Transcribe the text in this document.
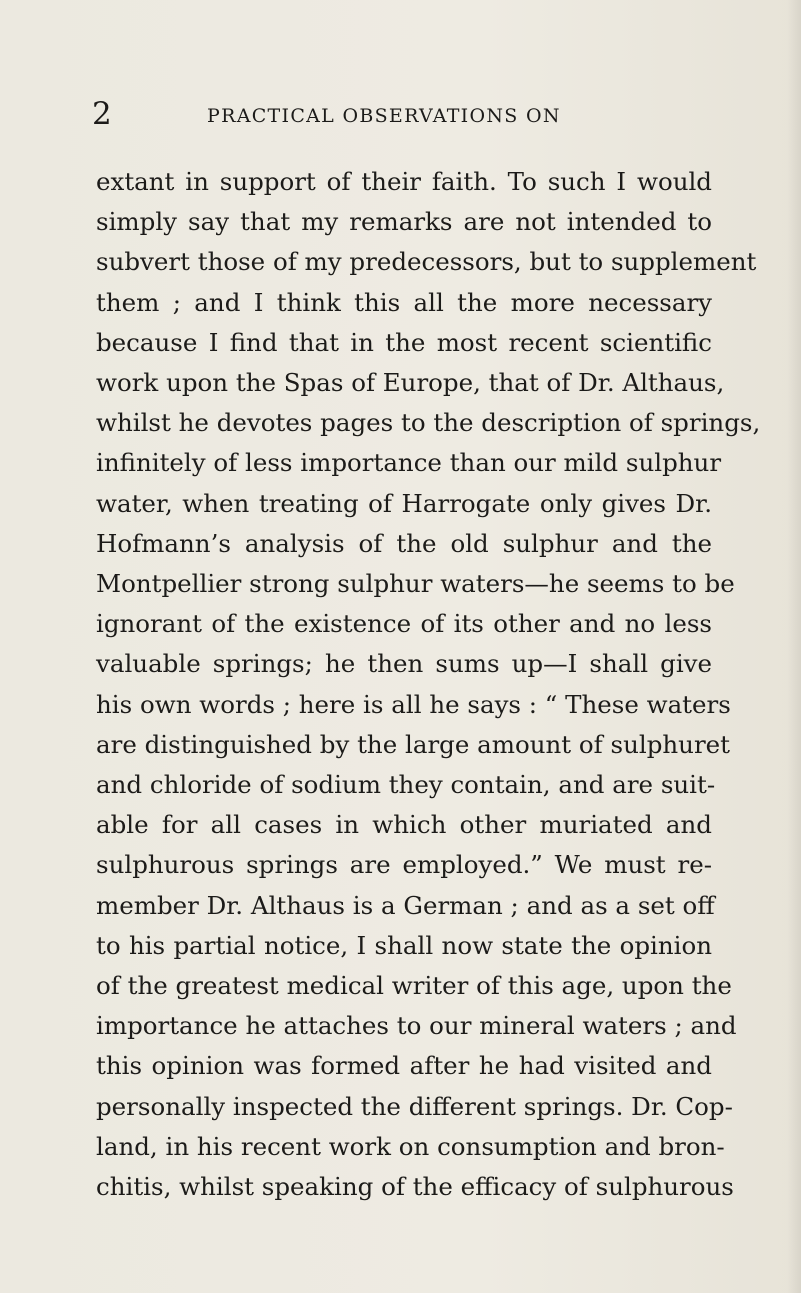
2	PRACTICAL OBSERVATIONS ON
extant in support of their faith. To such I would
simply say that my remarks are not intended to
subvert those of my predecessors, but to supplement
them ; and I think this all the more necessary
because I find that in the most recent scientific
work upon the Spas of Europe, that of Dr. Althaus,
whilst he devotes pages to the description of springs,
infinitely of less importance than our mild sulphur
water, when treating of Harrogate only gives Dr.
Hofmann’s analysis of the old sulphur and the
Montpellier strong sulphur waters—he seems to be
ignorant of the existence of its other and no less
valuable springs; he then sums up—I shall give
his own words ; here is all he says : “ These waters
are distinguished by the large amount of sulphuret
and chloride of sodium they contain, and are suit-
able for all cases in which other muriated and
sulphurous springs are employed.” We must re-
member Dr. Althaus is a German ; and as a set off
to his partial notice, I shall now state the opinion
of the greatest medical writer of this age, upon the
importance he attaches to our mineral waters ; and
this opinion was formed after he had visited and
personally inspected the different springs. Dr. Cop-
land, in his recent work on consumption and bron-
chitis, whilst speaking of the efficacy of sulphurous
